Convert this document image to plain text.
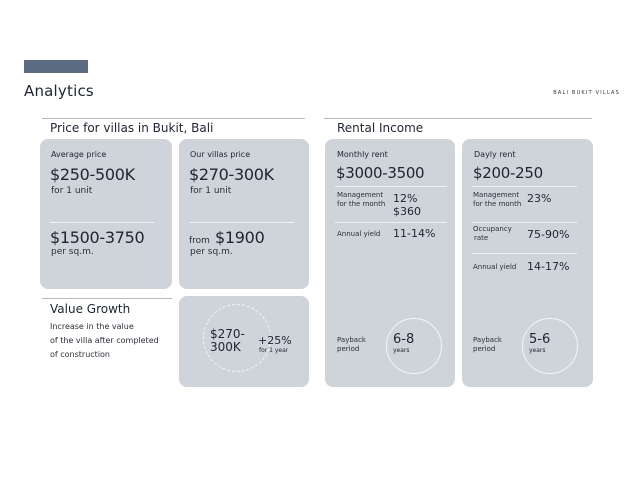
Analytics	BALI BUKIT VILLAS
Price for villas in Bukit, Bali
Average price
$250-500K
for 1 unit
$1500-3750
per sq.m.
Our villas price
$270-300K
for 1 unit
from $1900
per sq.m.
Value Growth
Increase in the value
of the villa after completed
of construction
$270-
300K	+25%
for 1 year
Rental Income
Monthly rent
$3000-3500
Management
for the month 12%
$360
Annual yield 11-14%
Payback
period
6-8
years
Dayly rent
$200-250
Management
for the month 23%
Occupancy
rate	75-90%
Annual yield 14-17%
Payback
period
5-6
years
